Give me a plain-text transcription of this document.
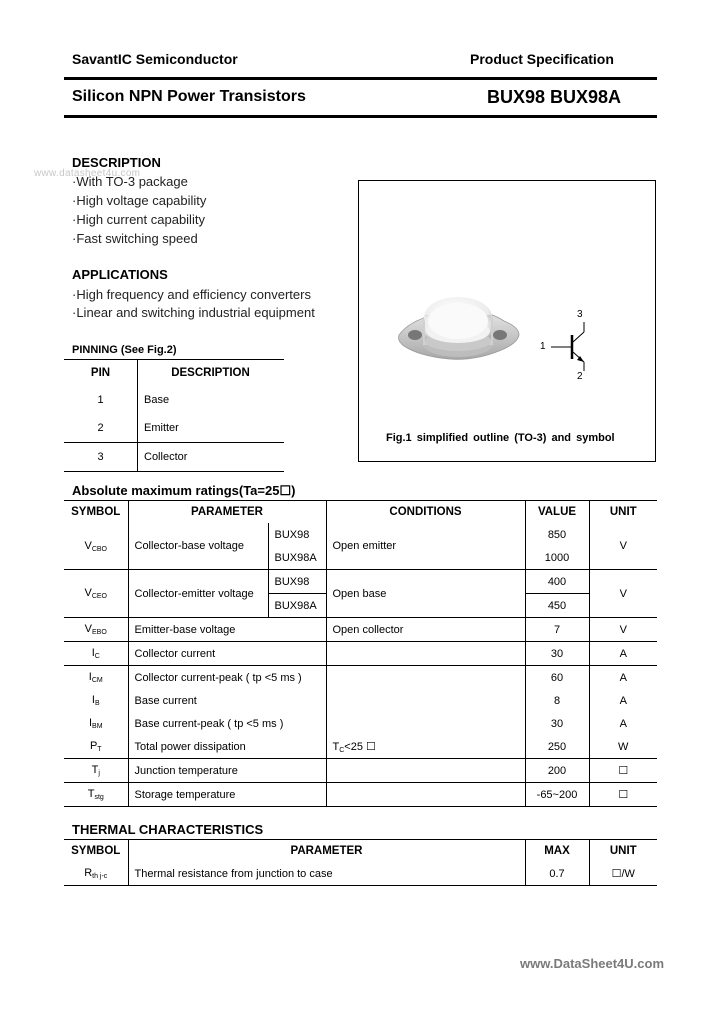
SavantIC Semiconductor	Product Specification
Silicon NPN Power Transistors	BUX98 BUX98A
DESCRIPTION
www.datasheet4u.com
·With TO-3 package
·High voltage capability
·High current capability
·Fast switching speed
APPLICATIONS
·High frequency and efficiency converters
·Linear and switching industrial equipment
PINNING (See Fig.2)
PIN	DESCRIPTION
1	Base
2	Emitter
3	Collector
3
1
2
Fig.1 simplified outline (TO-3) and symbol
Absolute maximum ratings(Ta=25☐)
SYMBOL	PARAMETER		CONDITIONS	VALUE	UNIT
$V_{CBO}$	Collector-base voltage	BUX98	Open emitter	850	V
		BUX98A		1000	
$V_{CEO}$	Collector-emitter voltage	BUX98	Open base	400	V
		BUX98A		450	
$V_{EBO}$	Emitter-base voltage		Open collector	7	V
$I_C$	Collector current			30	A
$I_{CM}$	Collector current-peak ( tp <5 ms )			60	A
$I_B$	Base current			8	A
$I_{BM}$	Base current-peak ( tp <5 ms )			30	A
$P_T$	Total power dissipation		$T_C<25$ ☐	250	W
$T_j$	Junction temperature			200	☐
$T_{stg}$	Storage temperature			-65~200	☐
THERMAL CHARACTERISTICS
SYMBOL	PARAMETER	MAX	UNIT
$R_{th j-c}$	Thermal resistance from junction to case	0.7	☐/W
www.DataSheet4U.com
